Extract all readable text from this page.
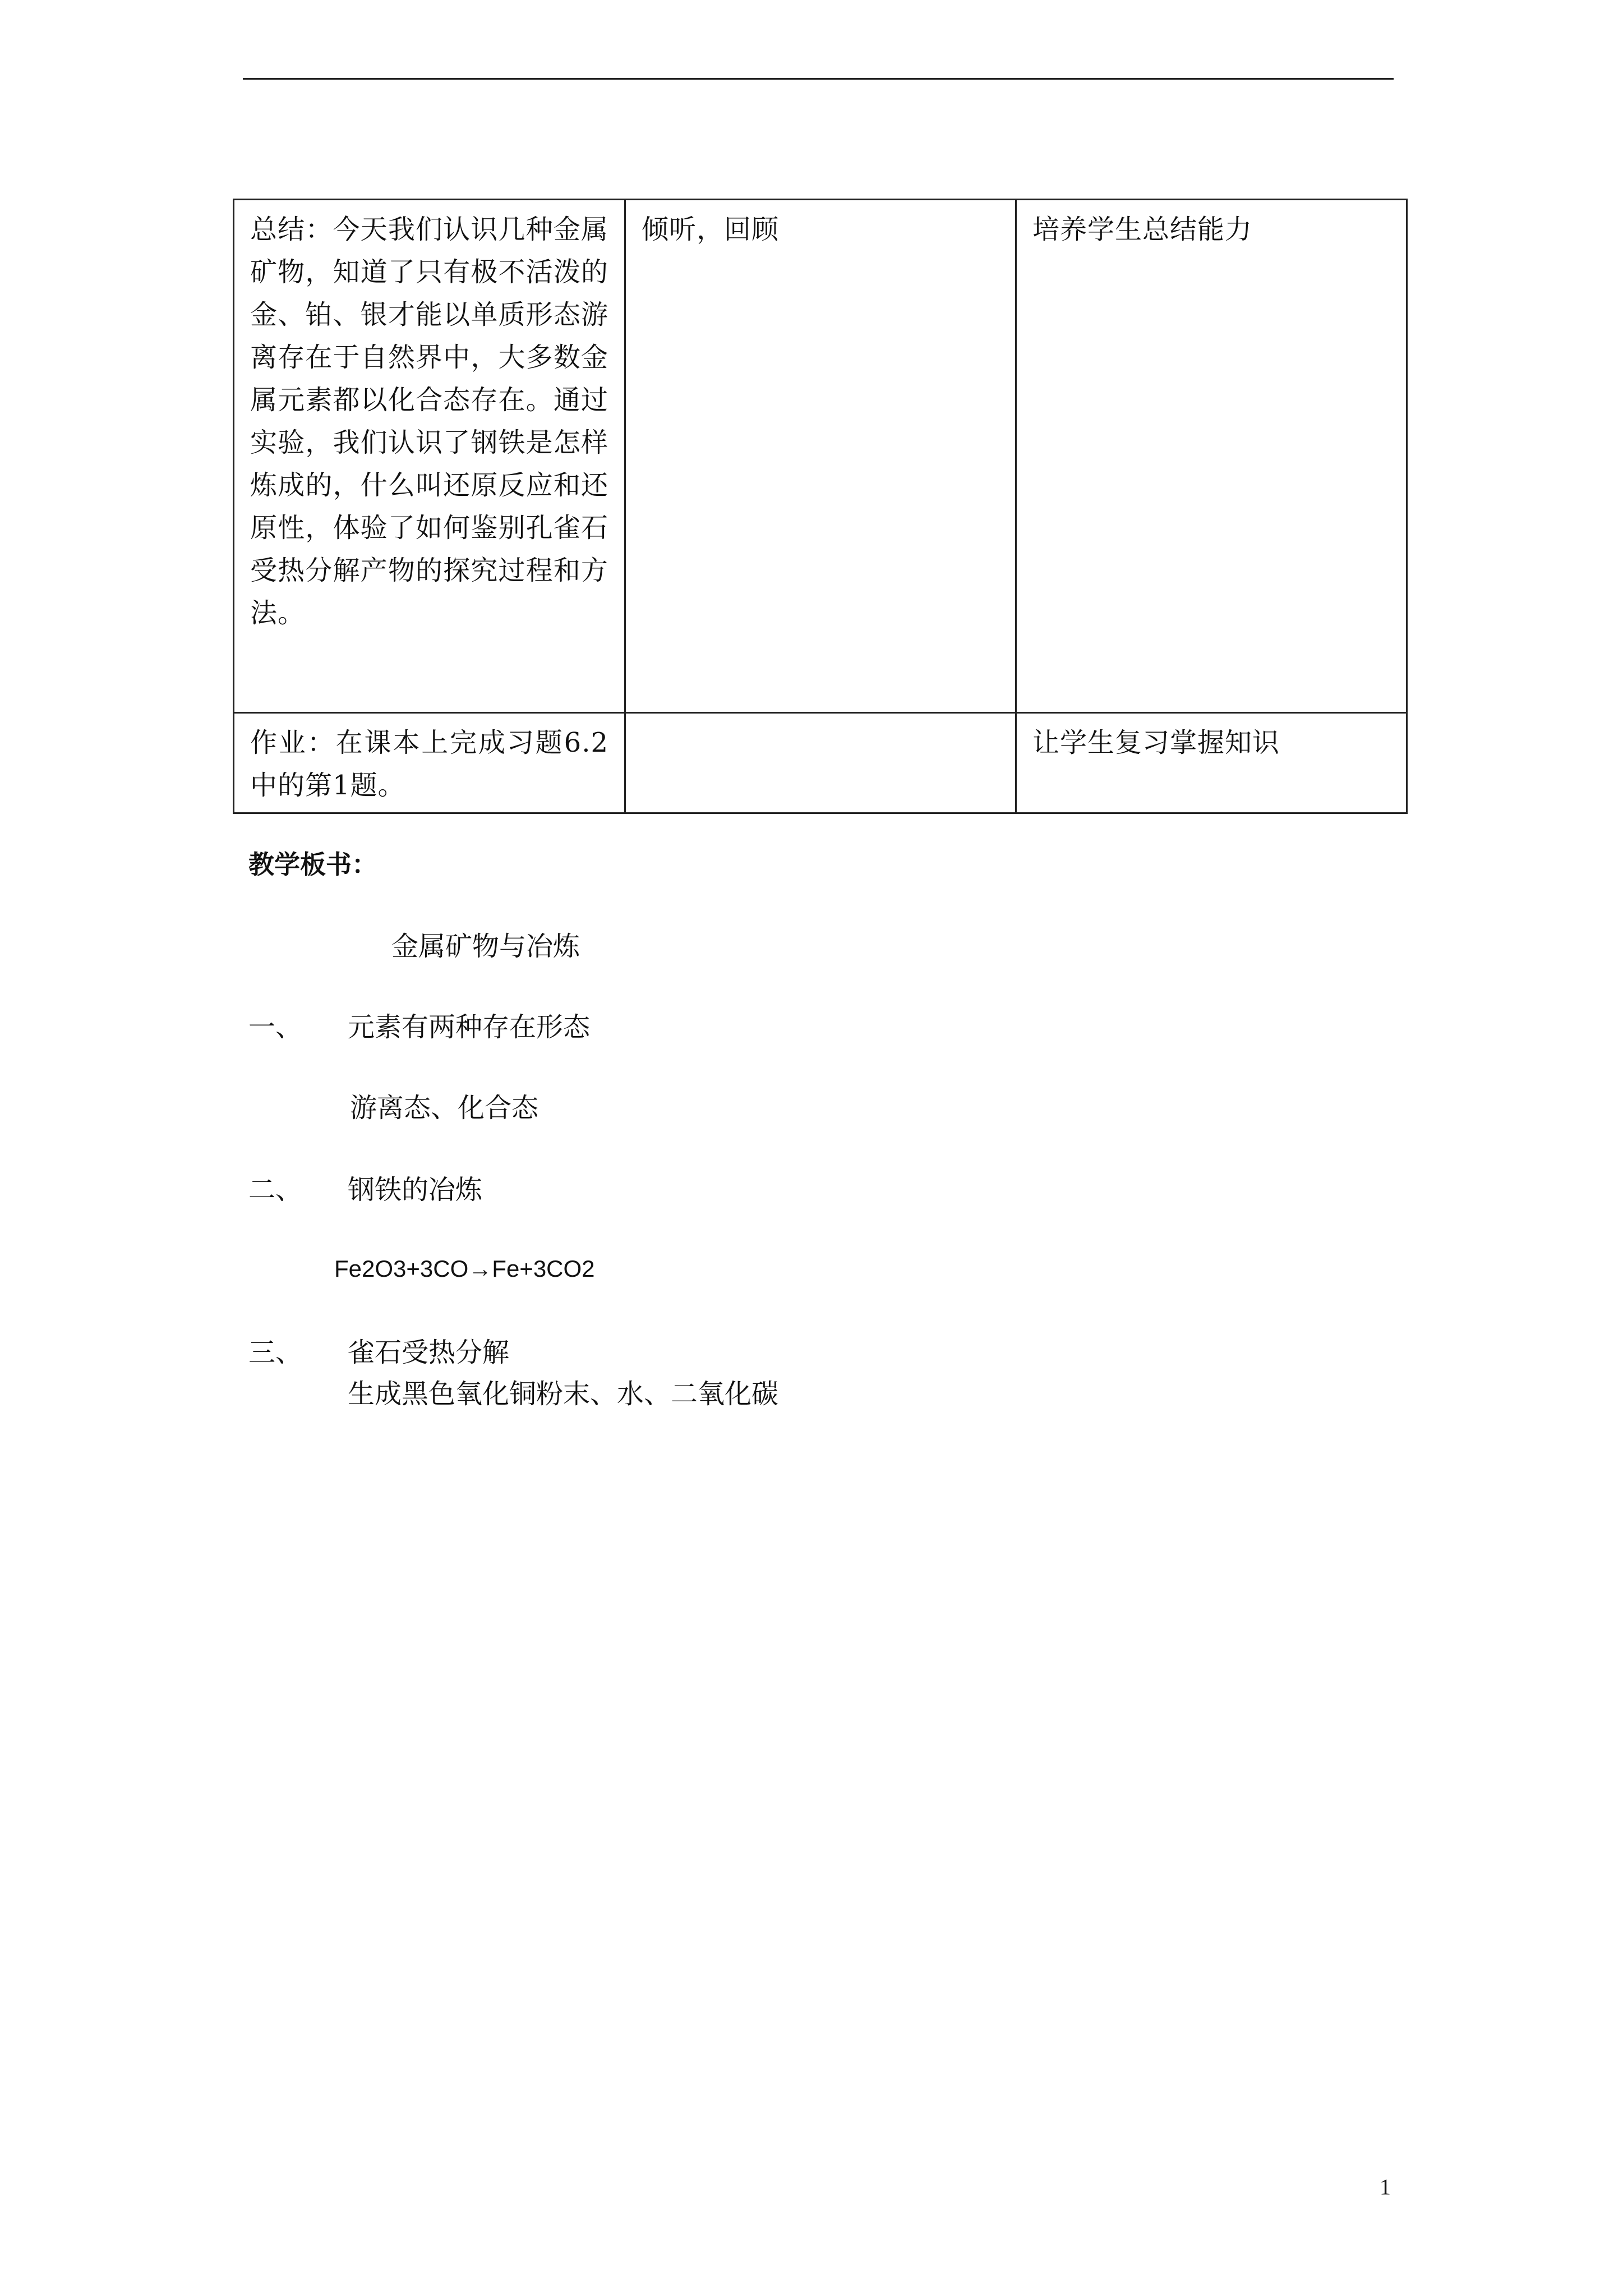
总结：今天我们认识几种金属矿物，知道了只有极不活泼的金、铂、银才能以单质形态游离存在于自然界中，大多数金属元素都以化合态存在。通过实验，我们认识了钢铁是怎样炼成的，什么叫还原反应和还原性，体验了如何鉴别孔雀石受热分解产物的探究过程和方法。	倾听，回顾	培养学生总结能力

作业：在课本上完成习题6.2中的第1题。		让学生复习掌握知识
教学板书：
金属矿物与冶炼
一、 元素有两种存在形态
游离态、化合态
二、 钢铁的冶炼
Fe2O3+3CO→Fe+3CO2
三、 雀石受热分解
生成黑色氧化铜粉末、水、二氧化碳
1
